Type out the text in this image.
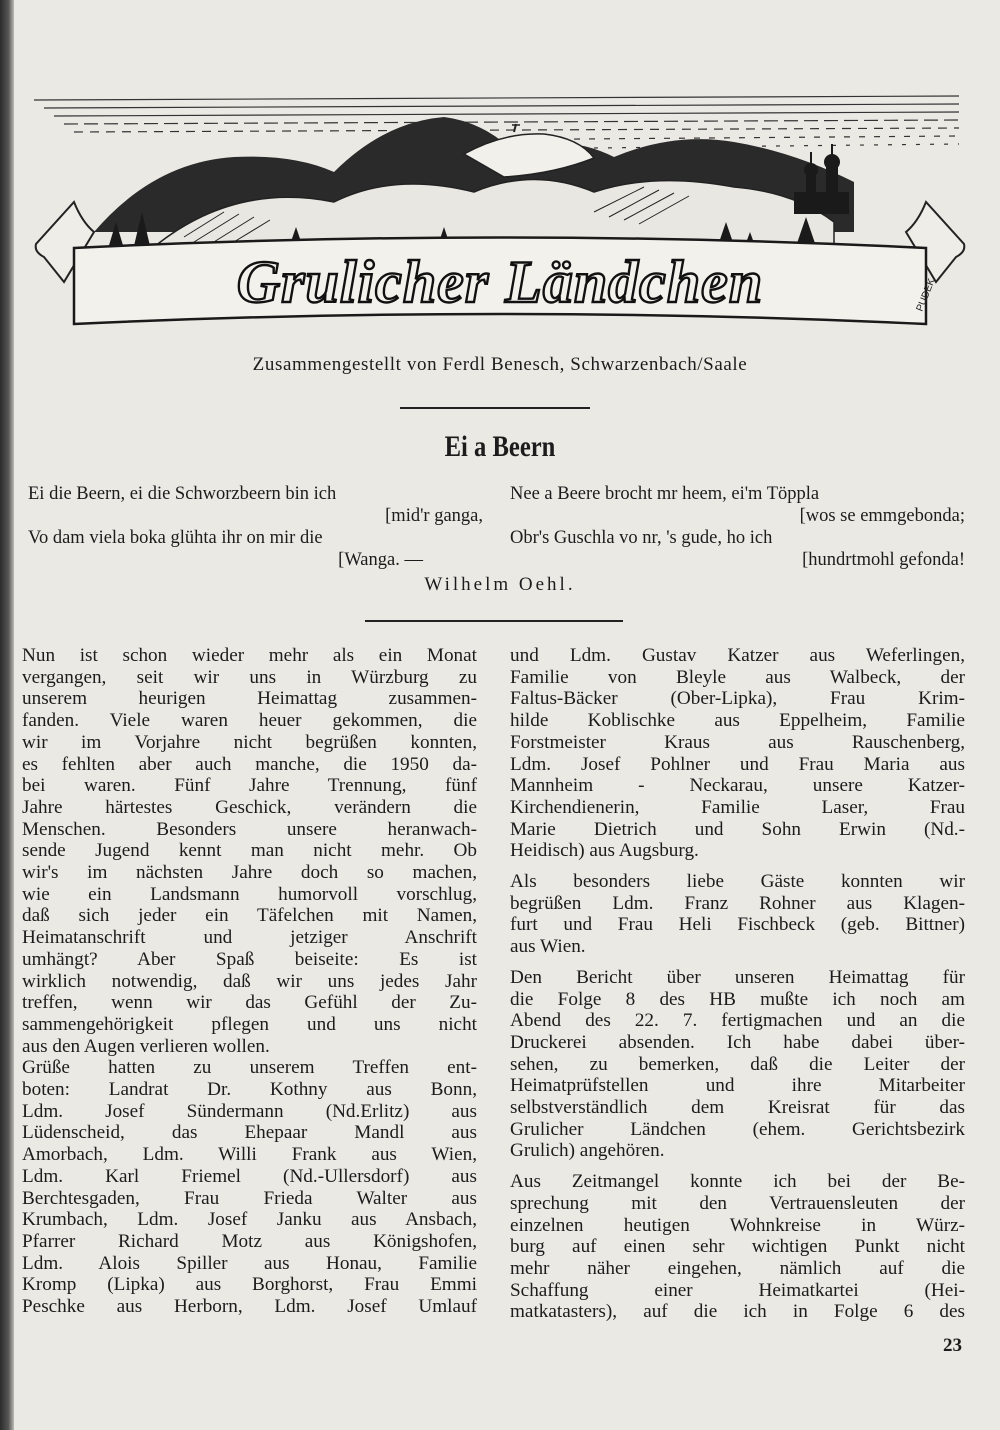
Grulicher Ländchen	PUDEK
Zusammengestellt von Ferdl Benesch, Schwarzenbach/Saale
Ei a Beern
Ei die Beern, ei die Schworzbeern bin ich
[mid'r ganga,
Vo dam viela boka glühta ihr on mir die
[Wanga. —
Nee a Beere brocht mr heem, ei'm Töppla
[wos se emmgebonda;
Obr's Guschla vo nr, 's gude, ho ich
[hundrtmohl gefonda!
Wilhelm Oehl.
Nun ist schon wieder mehr als ein Monat
vergangen, seit wir uns in Würzburg zu
unserem heurigen Heimattag zusammen-
fanden. Viele waren heuer gekommen, die
wir im Vorjahre nicht begrüßen konnten,
es fehlten aber auch manche, die 1950 da-
bei waren. Fünf Jahre Trennung, fünf
Jahre härtestes Geschick, verändern die
Menschen. Besonders unsere heranwach-
sende Jugend kennt man nicht mehr. Ob
wir's im nächsten Jahre doch so machen,
wie ein Landsmann humorvoll vorschlug,
daß sich jeder ein Täfelchen mit Namen,
Heimatanschrift und jetziger Anschrift
umhängt? Aber Spaß beiseite: Es ist
wirklich notwendig, daß wir uns jedes Jahr
treffen, wenn wir das Gefühl der Zu-
sammengehörigkeit pflegen und uns nicht
aus den Augen verlieren wollen.
Grüße hatten zu unserem Treffen ent-
boten: Landrat Dr. Kothny aus Bonn,
Ldm. Josef Sündermann (Nd.Erlitz) aus
Lüdenscheid, das Ehepaar Mandl aus
Amorbach, Ldm. Willi Frank aus Wien,
Ldm. Karl Friemel (Nd.-Ullersdorf) aus
Berchtesgaden, Frau Frieda Walter aus
Krumbach, Ldm. Josef Janku aus Ansbach,
Pfarrer Richard Motz aus Königshofen,
Ldm. Alois Spiller aus Honau, Familie
Kromp (Lipka) aus Borghorst, Frau Emmi
Peschke aus Herborn, Ldm. Josef Umlauf
und Ldm. Gustav Katzer aus Weferlingen,
Familie von Bleyle aus Walbeck, der
Faltus-Bäcker (Ober-Lipka), Frau Krim-
hilde Koblischke aus Eppelheim, Familie
Forstmeister Kraus aus Rauschenberg,
Ldm. Josef Pohlner und Frau Maria aus
Mannheim - Neckarau, unsere Katzer-
Kirchendienerin, Familie Laser, Frau
Marie Dietrich und Sohn Erwin (Nd.-
Heidisch) aus Augsburg.
Als besonders liebe Gäste konnten wir
begrüßen Ldm. Franz Rohner aus Klagen-
furt und Frau Heli Fischbeck (geb. Bittner)
aus Wien.
Den Bericht über unseren Heimattag für
die Folge 8 des HB mußte ich noch am
Abend des 22. 7. fertigmachen und an die
Druckerei absenden. Ich habe dabei über-
sehen, zu bemerken, daß die Leiter der
Heimatprüfstellen und ihre Mitarbeiter
selbstverständlich dem Kreisrat für das
Grulicher Ländchen (ehem. Gerichtsbezirk
Grulich) angehören.
Aus Zeitmangel konnte ich bei der Be-
sprechung mit den Vertrauensleuten der
einzelnen heutigen Wohnkreise in Würz-
burg auf einen sehr wichtigen Punkt nicht
mehr näher eingehen, nämlich auf die
Schaffung einer Heimatkartei (Hei-
matkatasters), auf die ich in Folge 6 des
23
